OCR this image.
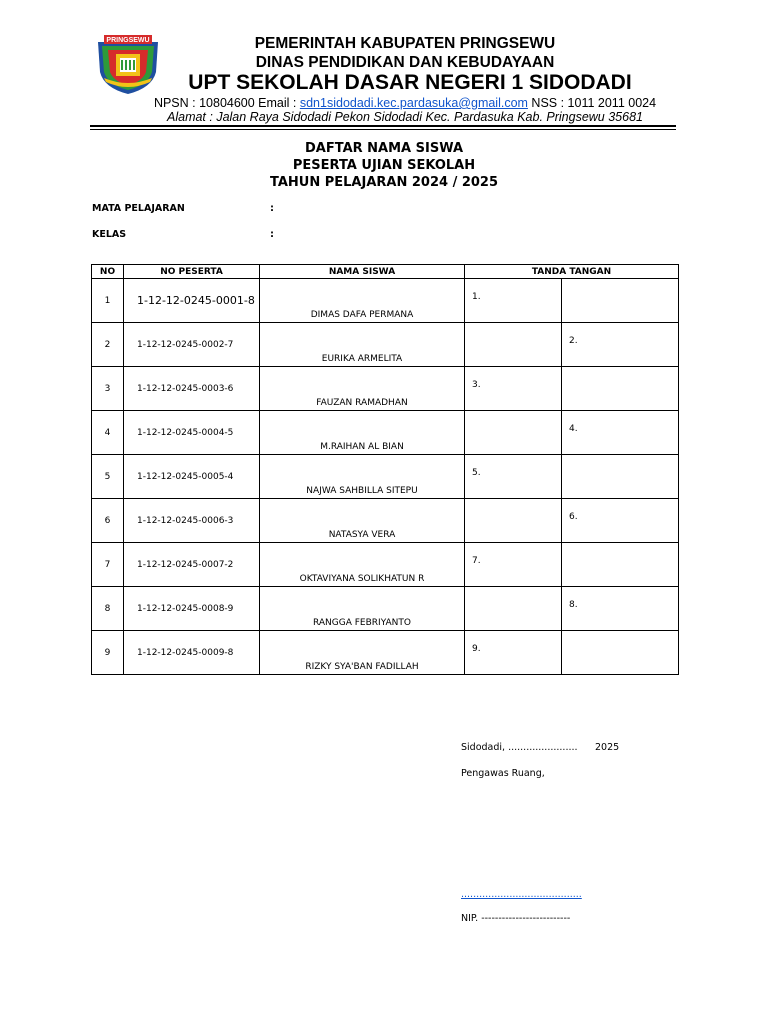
PRINGSEWU	PEMERINTAH KABUPATEN PRINGSEWU
DINAS PENDIDIKAN DAN KEBUDAYAAN
UPT SEKOLAH DASAR NEGERI 1 SIDODADI
NPSN : 10804600 Email : sdn1sidodadi.kec.pardasuka@gmail.com NSS : 1011 2011 0024
Alamat : Jalan Raya Sidodadi Pekon Sidodadi Kec. Pardasuka Kab. Pringsewu 35681
DAFTAR NAMA SISWA
PESERTA UJIAN SEKOLAH
TAHUN PELAJARAN 2024 / 2025
MATA PELAJARAN	:
KELAS	:
NO	NO PESERTA	NAMA SISWA	TANDA TANGAN	
1	1-12-12-0245-0001-8	DIMAS DAFA PERMANA	1.	

2	1-12-12-0245-0002-7	EURIKA ARMELITA		2.

3	1-12-12-0245-0003-6	FAUZAN RAMADHAN	3.	

4	1-12-12-0245-0004-5	M.RAIHAN AL BIAN		4.

5	1-12-12-0245-0005-4	NAJWA SAHBILLA SITEPU	5.	

6	1-12-12-0245-0006-3	NATASYA VERA		6.

7	1-12-12-0245-0007-2	OKTAVIYANA SOLIKHATUN R	7.	

8	1-12-12-0245-0008-9	RANGGA FEBRIYANTO		8.

9	1-12-12-0245-0009-8	RIZKY SYA'BAN FADILLAH	9.	

Sidodadi, ....................... 2025
Pengawas Ruang,
........................................
NIP. --------------------------
